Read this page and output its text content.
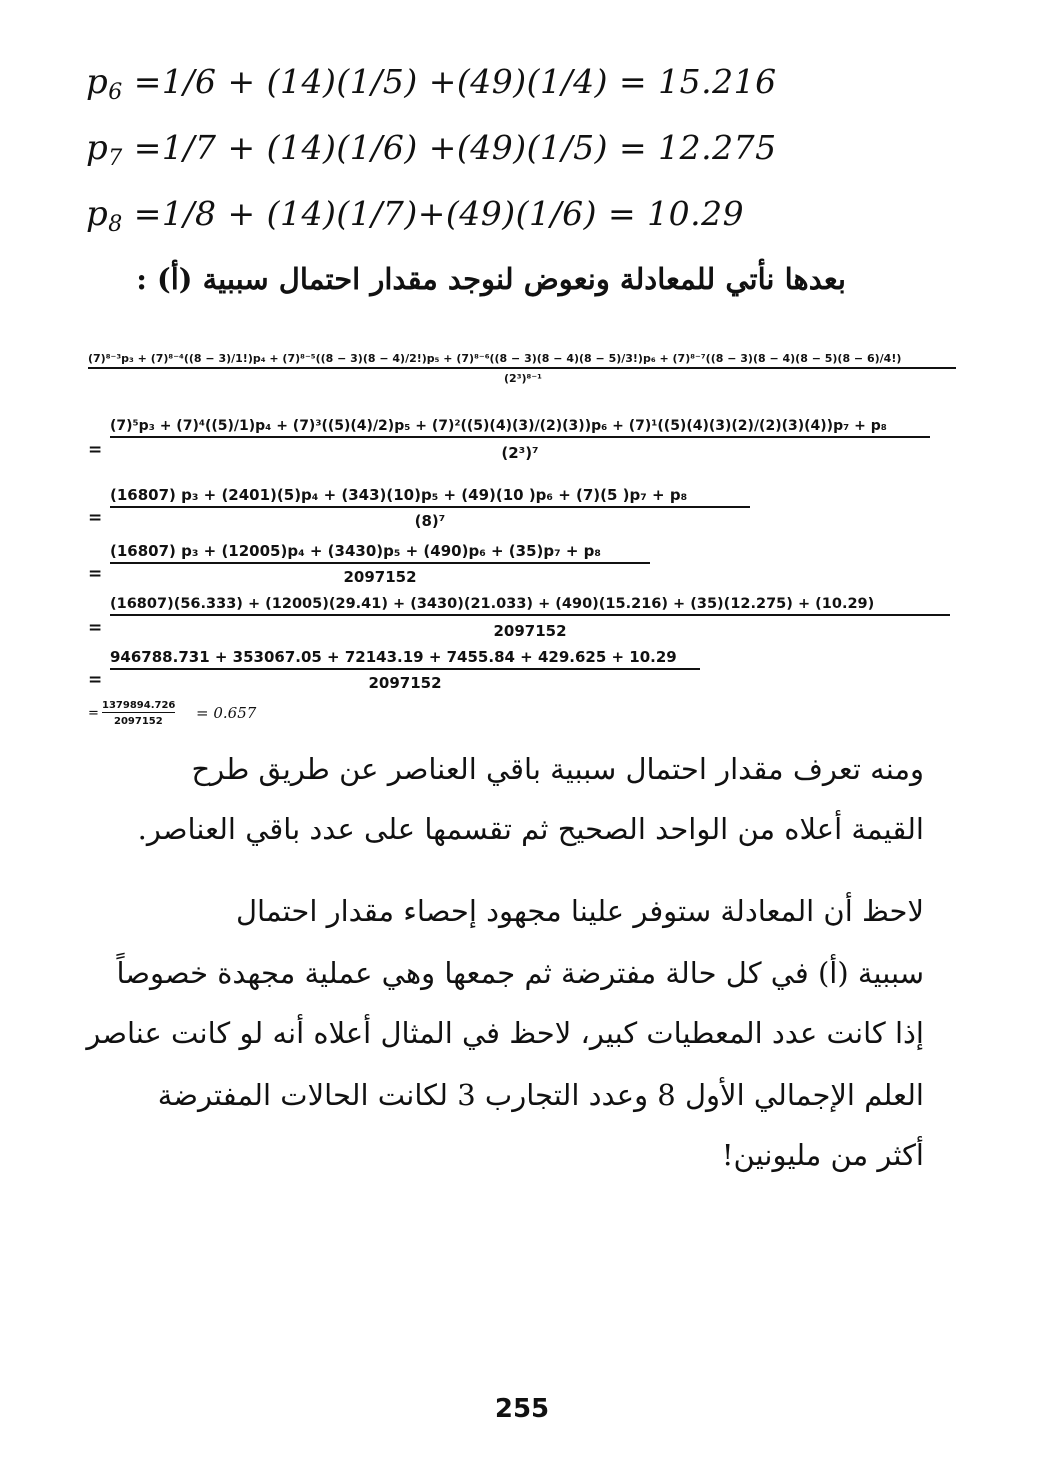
$p_6 =1/6 + (14)(1/5) +(49)(1/4) = 15.216$
$p_7 =1/7 + (14)(1/6) +(49)(1/5) = 12.275$
$p_8 =1/8 + (14)(1/7)+(49)(1/6) = 10.29$
بعدها نأتي للمعادلة ونعوض لنوجد مقدار احتمال سببية (أ) :
(7)⁸⁻³p₃ + (7)⁸⁻⁴((8 − 3)/1!)p₄ + (7)⁸⁻⁵((8 − 3)(8 − 4)/2!)p₅ + (7)⁸⁻⁶((8 − 3)(8 − 4)(8 − 5)/3!)p₆ + (7)⁸⁻⁷((8 − 3)(8 − 4)(8 − 5)(8 − 6)/4!)
(2³)⁸⁻¹
=
(7)⁵p₃ + (7)⁴((5)/1)p₄ + (7)³((5)(4)/2)p₅ + (7)²((5)(4)(3)/(2)(3))p₆ + (7)¹((5)(4)(3)(2)/(2)(3)(4))p₇ + p₈
(2³)⁷
=
(16807) p₃ + (2401)(5)p₄ + (343)(10)p₅ + (49)(10 )p₆ + (7)(5 )p₇ + p₈
(8)⁷
=
(16807) p₃ + (12005)p₄ + (3430)p₅ + (490)p₆ + (35)p₇ + p₈
2097152
=
(16807)(56.333) + (12005)(29.41) + (3430)(21.033) + (490)(15.216) + (35)(12.275) + (10.29)
2097152
=
946788.731 + 353067.05 + 72143.19 + 7455.84 + 429.625 + 10.29
2097152
=
1379894.726
2097152 = 0.657
ومنه تعرف مقدار احتمال سببية باقي العناصر عن طريق طرح
القيمة أعلاه من الواحد الصحيح ثم تقسمها على عدد باقي العناصر.
لاحظ أن المعادلة ستوفر علينا مجهود إحصاء مقدار احتمال
سببية (أ) في كل حالة مفترضة ثم جمعها وهي عملية مجهدة خصوصاً
إذا كانت عدد المعطيات كبير، لاحظ في المثال أعلاه أنه لو كانت عناصر
العلم الإجمالي الأول 8 وعدد التجارب 3 لكانت الحالات المفترضة
أكثر من مليونين!
255
